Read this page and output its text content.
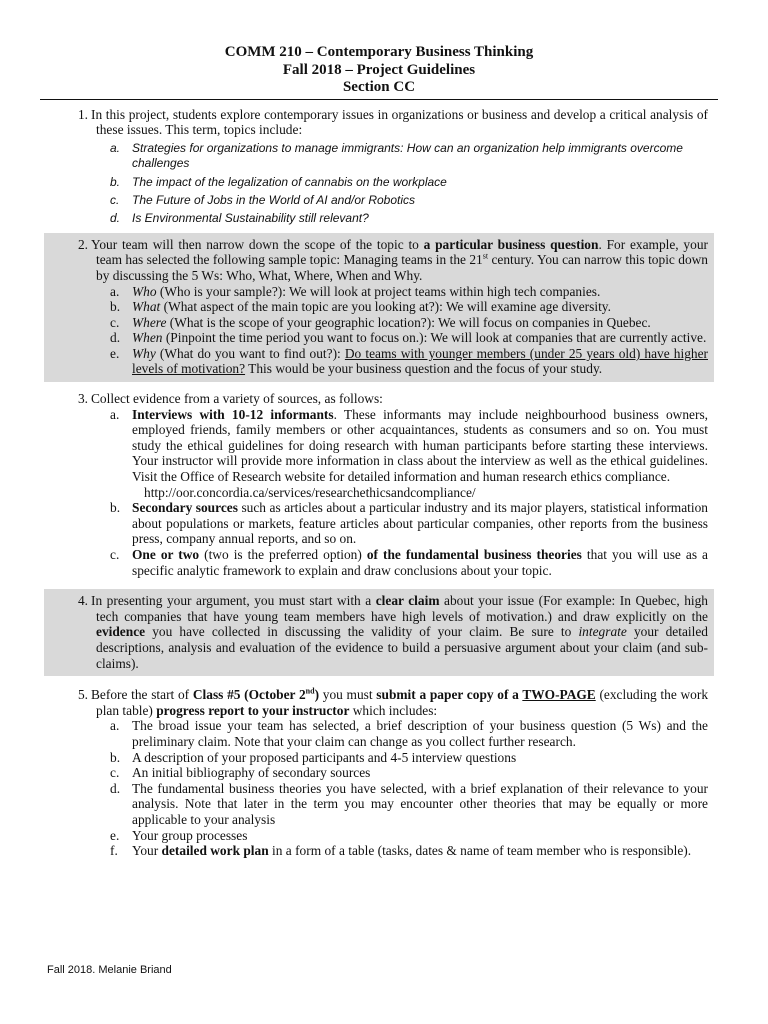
COMM 210 – Contemporary Business Thinking
Fall 2018 – Project Guidelines
Section CC
1. In this project, students explore contemporary issues in organizations or business and develop a critical analysis of these issues. This term, topics include:
a. Strategies for organizations to manage immigrants: How can an organization help immigrants overcome challenges
b. The impact of the legalization of cannabis on the workplace
c.	The Future of Jobs in the World of AI and/or Robotics
d. Is Environmental Sustainability still relevant?
2. Your team will then narrow down the scope of the topic to a particular business question. For example, your team has selected the following sample topic: Managing teams in the 21st century. You can narrow this topic down by discussing the 5 Ws: Who, What, Where, When and Why.
a. Who (Who is your sample?): We will look at project teams within high tech companies.
b. What (What aspect of the main topic are you looking at?): We will examine age diversity.
c. Where (What is the scope of your geographic location?): We will focus on companies in Quebec.
d. When (Pinpoint the time period you want to focus on.): We will look at companies that are currently active.
e. Why (What do you want to find out?): Do teams with younger members (under 25 years old) have higher levels of motivation? This would be your business question and the focus of your study.
3. Collect evidence from a variety of sources, as follows:
a. Interviews with 10-12 informants. These informants may include neighbourhood business owners, employed friends, family members or other acquaintances, students as consumers and so on. You must study the ethical guidelines for doing research with human participants before starting these interviews. Your instructor will provide more information in class about the interview as well as the ethical guidelines. Visit the Office of Research website for detailed information and human research ethics compliance.
http://oor.concordia.ca/services/researchethicsandcompliance/
b. Secondary sources such as articles about a particular industry and its major players, statistical information about populations or markets, feature articles about particular companies, other reports from the business press, company annual reports, and so on.
c. One or two (two is the preferred option) of the fundamental business theories that you will use as a specific analytic framework to explain and draw conclusions about your topic.
4. In presenting your argument, you must start with a clear claim about your issue (For example: In Quebec, high tech companies that have young team members have high levels of motivation.) and draw explicitly on the evidence you have collected in discussing the validity of your claim. Be sure to integrate your detailed descriptions, analysis and evaluation of the evidence to build a persuasive argument about your claim (and sub-claims).
5. Before the start of Class #5 (October 2nd) you must submit a paper copy of a TWO-PAGE (excluding the work plan table) progress report to your instructor which includes:
a. The broad issue your team has selected, a brief description of your business question (5 Ws) and the preliminary claim. Note that your claim can change as you collect further research.
b. A description of your proposed participants and 4-5 interview questions
c. An initial bibliography of secondary sources
d. The fundamental business theories you have selected, with a brief explanation of their relevance to your analysis. Note that later in the term you may encounter other theories that may be equally or more applicable to your analysis
e. Your group processes
f.	Your detailed work plan in a form of a table (tasks, dates & name of team member who is responsible).
Fall 2018. Melanie Briand
